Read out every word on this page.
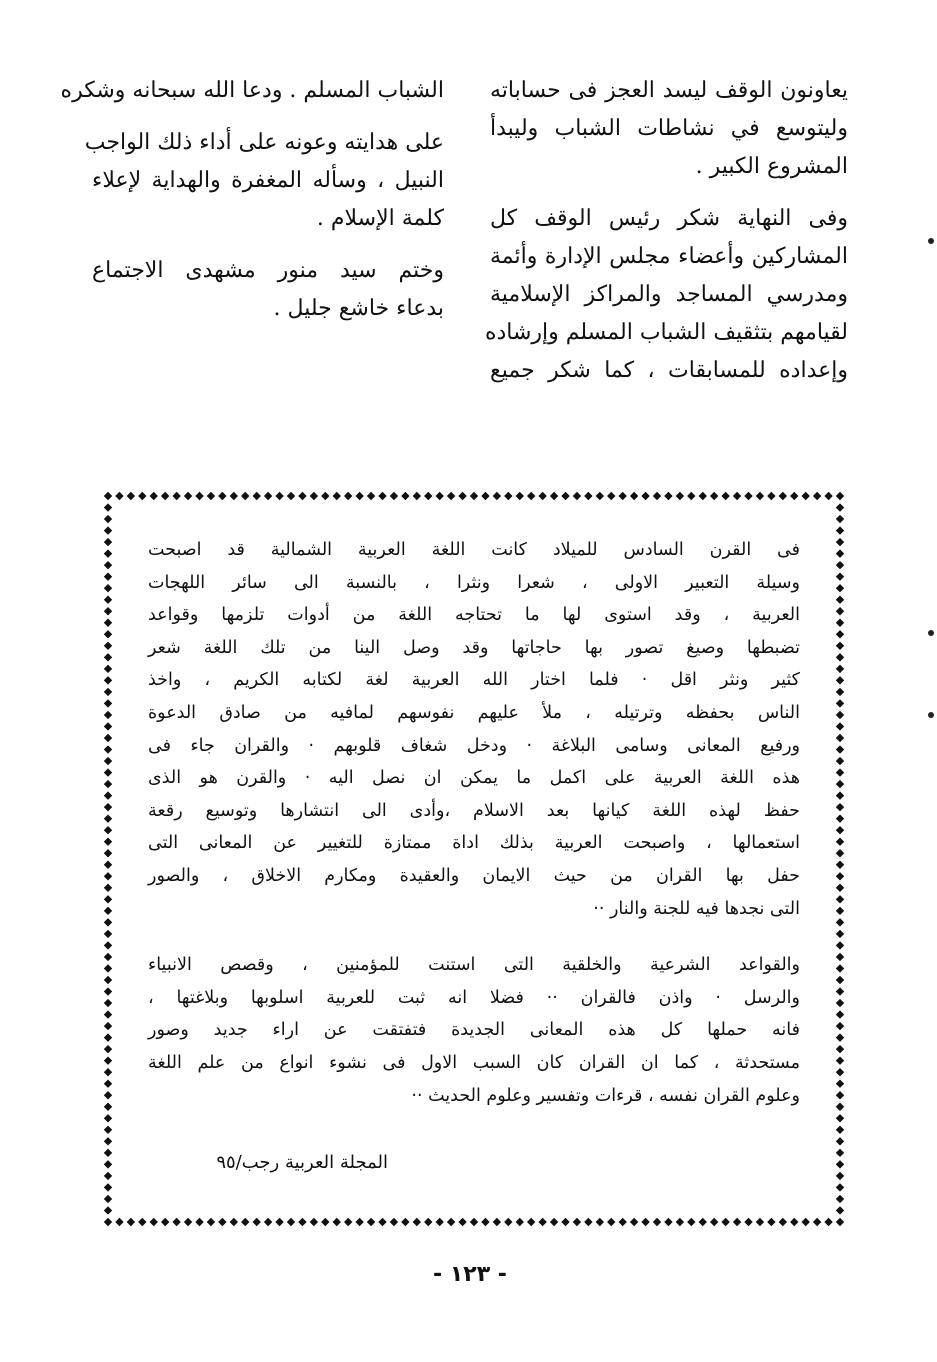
يعاونون الوقف ليسد العجز فى حساباته
وليتوسع في نشاطات الشباب وليبدأ
المشروع الكبير .
وفى النهاية شكر رئيس الوقف كل
المشاركين وأعضاء مجلس الإدارة وأئمة
ومدرسي المساجد والمراكز الإسلامية
لقيامهم بتثقيف الشباب المسلم وإرشاده
وإعداده للمسابقات ، كما شكر جميع
الشباب المسلم . ودعا الله سبحانه وشكره
على هدايته وعونه على أداء ذلك الواجب
النبيل ، وسأله المغفرة والهداية لإعلاء
كلمة الإسلام .
وختم سيد منور مشهدى الاجتماع
بدعاء خاشع جليل .
فى القرن السادس للميلاد كانت اللغة العربية الشمالية قد اصبحت
وسيلة التعبير الاولى ، شعرا ونثرا ، بالنسبة الى سائر اللهجات
العربية ، وقد استوى لها ما تحتاجه اللغة من أدوات تلزمها وقواعد
تضبطها وصيغ تصور بها حاجاتها وقد وصل الينا من تلك اللغة شعر
كثير ونثر اقل · فلما اختار الله العربية لغة لكتابه الكريم ، واخذ
الناس بحفظه وترتيله ، ملأ عليهم نفوسهم لمافيه من صادق الدعوة
ورفيع المعانى وسامى البلاغة · ودخل شغاف قلوبهم · والقران جاء فى
هذه اللغة العربية على اكمل ما يمكن ان نصل اليه · والقرن هو الذى
حفظ لهذه اللغة كيانها بعد الاسلام ،وأدى الى انتشارها وتوسيع رقعة
استعمالها ، واصبحت العربية بذلك اداة ممتازة للتغيير عن المعانى التى
حفل بها القران من حيث الايمان والعقيدة ومكارم الاخلاق ، والصور
التى نجدها فيه للجنة والنار ··
والقواعد الشرعية والخلقية التى استنت للمؤمنين ، وقصص الانبياء
والرسل · واذن فالقران ·· فضلا انه ثبت للعربية اسلوبها وبلاغتها ،
فانه حملها كل هذه المعانى الجديدة فتفتقت عن اراء جديد وصور
مستحدثة ، كما ان القران كان السبب الاول فى نشوء انواع من علم اللغة
وعلوم القران نفسه ، قرءات وتفسير وعلوم الحديث ··
المجلة العربية رجب/٩٥
- ١٢٣ -
